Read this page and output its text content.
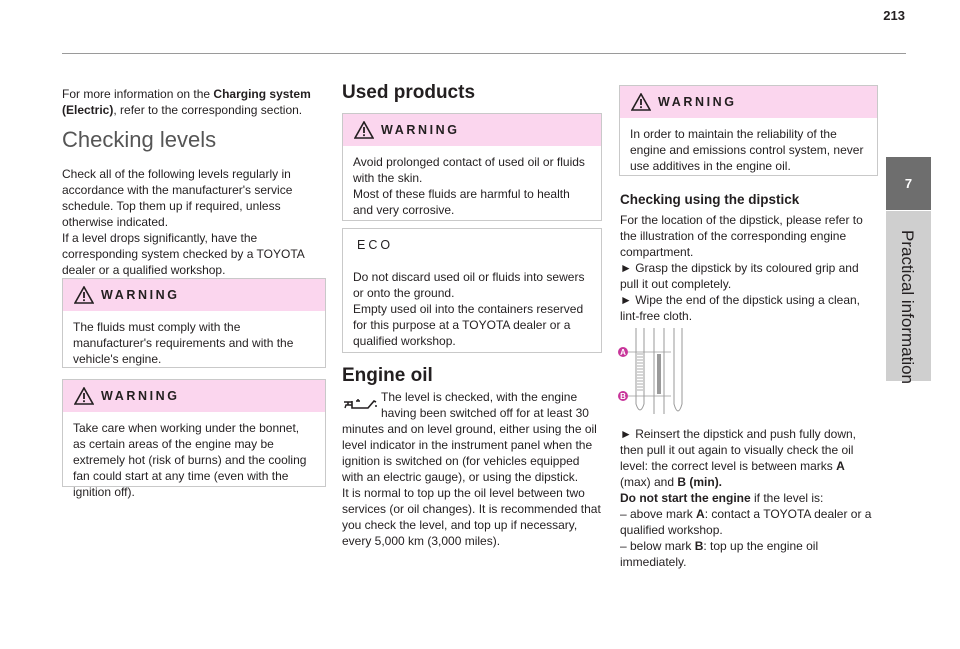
213
7
Practical information

For more information on the Charging system (Electric), refer to the corresponding section.

Checking levels

Check all of the following levels regularly in accordance with the manufacturer's service schedule. Top them up if required, unless otherwise indicated.
If a level drops significantly, have the corresponding system checked by a TOYOTA dealer or a qualified workshop.

WARNING

The fluids must comply with the manufacturer's requirements and with the vehicle's engine.

WARNING

Take care when working under the bonnet, as certain areas of the engine may be extremely hot (risk of burns) and the cooling fan could start at any time (even with the ignition off).

Used products
WARNING

Avoid prolonged contact of used oil or fluids with the skin.
Most of these fluids are harmful to health and very corrosive.

ECO

Do not discard used oil or fluids into sewers or onto the ground.
Empty used oil into the containers reserved for this purpose at a TOYOTA dealer or a qualified workshop.

Engine oil

The level is checked, with the engine having been switched off for at least 30

minutes and on level ground, either using the oil level indicator in the instrument panel when the ignition is switched on (for vehicles equipped with an electric gauge), or using the dipstick.
It is normal to top up the oil level between two services (or oil changes). It is recommended that you check the level, and top up if necessary, every 5,000 km (3,000 miles).

WARNING

In order to maintain the reliability of the engine and emissions control system, never use additives in the engine oil.

Checking using the dipstick

For the location of the dipstick, please refer to the illustration of the corresponding engine compartment.
► Grasp the dipstick by its coloured grip and pull it out completely.
► Wipe the end of the dipstick using a clean, lint-free cloth.

A
B

► Reinsert the dipstick and push fully down, then pull it out again to visually check the oil level: the correct level is between marks A (max) and B (min).

Do not start the engine if the level is:

– above mark A: contact a TOYOTA dealer or a qualified workshop.

– below mark B: top up the engine oil immediately.
